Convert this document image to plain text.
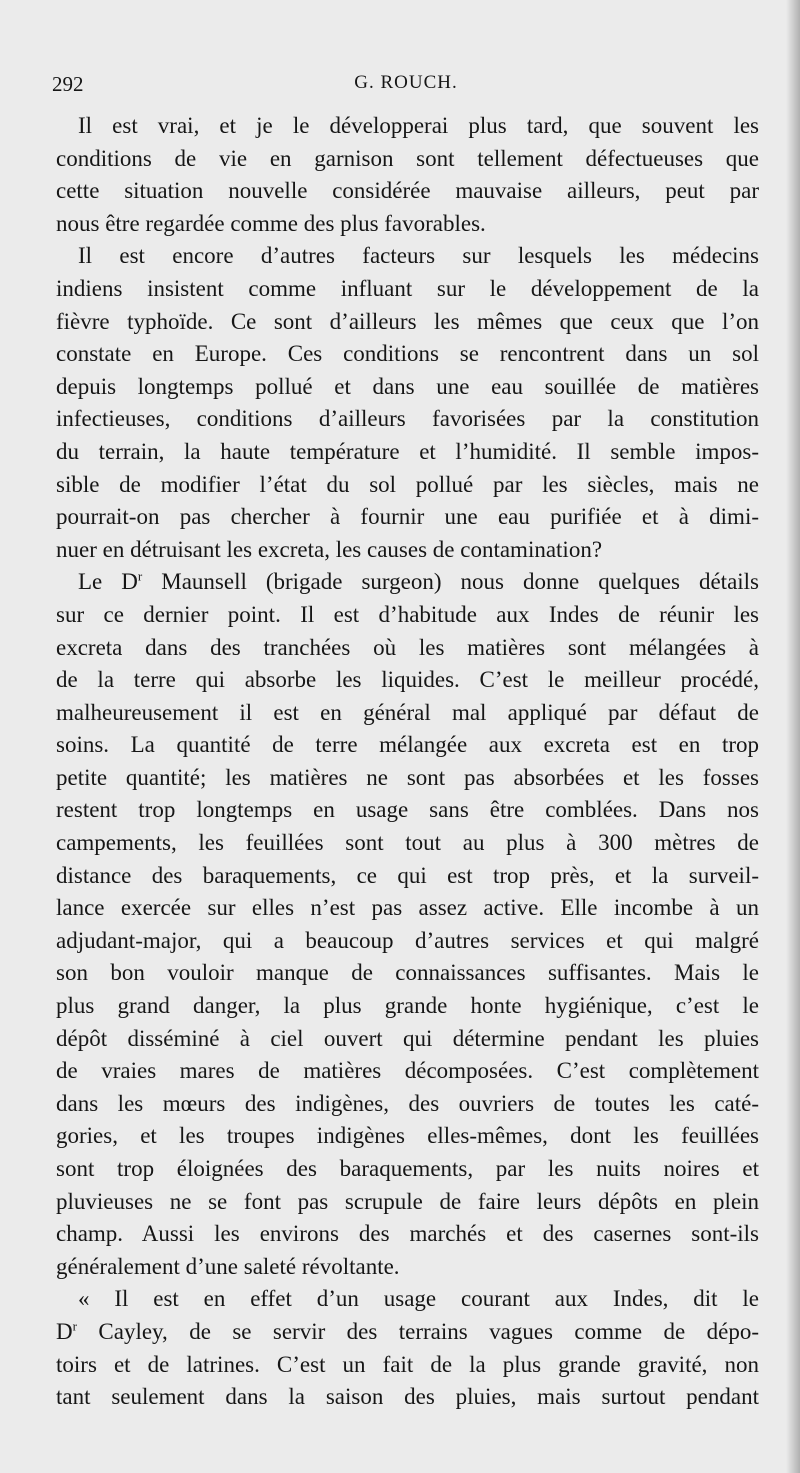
292	G. ROUCH.
Il est vrai, et je le développerai plus tard, que souvent les
conditions de vie en garnison sont tellement défectueuses que
cette situation nouvelle considérée mauvaise ailleurs, peut par
nous être regardée comme des plus favorables.
Il est encore d’autres facteurs sur lesquels les médecins
indiens insistent comme influant sur le développement de la
fièvre typhoïde. Ce sont d’ailleurs les mêmes que ceux que l’on
constate en Europe. Ces conditions se rencontrent dans un sol
depuis longtemps pollué et dans une eau souillée de matières
infectieuses, conditions d’ailleurs favorisées par la constitution
du terrain, la haute température et l’humidité. Il semble impos-
sible de modifier l’état du sol pollué par les siècles, mais ne
pourrait-on pas chercher à fournir une eau purifiée et à dimi-
nuer en détruisant les excreta, les causes de contamination?
Le $D^r$ Maunsell (brigade surgeon) nous donne quelques détails
sur ce dernier point. Il est d’habitude aux Indes de réunir les
excreta dans des tranchées où les matières sont mélangées à
de la terre qui absorbe les liquides. C’est le meilleur procédé,
malheureusement il est en général mal appliqué par défaut de
soins. La quantité de terre mélangée aux excreta est en trop
petite quantité; les matières ne sont pas absorbées et les fosses
restent trop longtemps en usage sans être comblées. Dans nos
campements, les feuillées sont tout au plus à 300 mètres de
distance des baraquements, ce qui est trop près, et la surveil-
lance exercée sur elles n’est pas assez active. Elle incombe à un
adjudant-major, qui a beaucoup d’autres services et qui malgré
son bon vouloir manque de connaissances suffisantes. Mais le
plus grand danger, la plus grande honte hygiénique, c’est le
dépôt disséminé à ciel ouvert qui détermine pendant les pluies
de vraies mares de matières décomposées. C’est complètement
dans les mœurs des indigènes, des ouvriers de toutes les caté-
gories, et les troupes indigènes elles-mêmes, dont les feuillées
sont trop éloignées des baraquements, par les nuits noires et
pluvieuses ne se font pas scrupule de faire leurs dépôts en plein
champ. Aussi les environs des marchés et des casernes sont-ils
généralement d’une saleté révoltante.
« Il est en effet d’un usage courant aux Indes, dit le
$D^r$ Cayley, de se servir des terrains vagues comme de dépo-
toirs et de latrines. C’est un fait de la plus grande gravité, non
tant seulement dans la saison des pluies, mais surtout pendant
